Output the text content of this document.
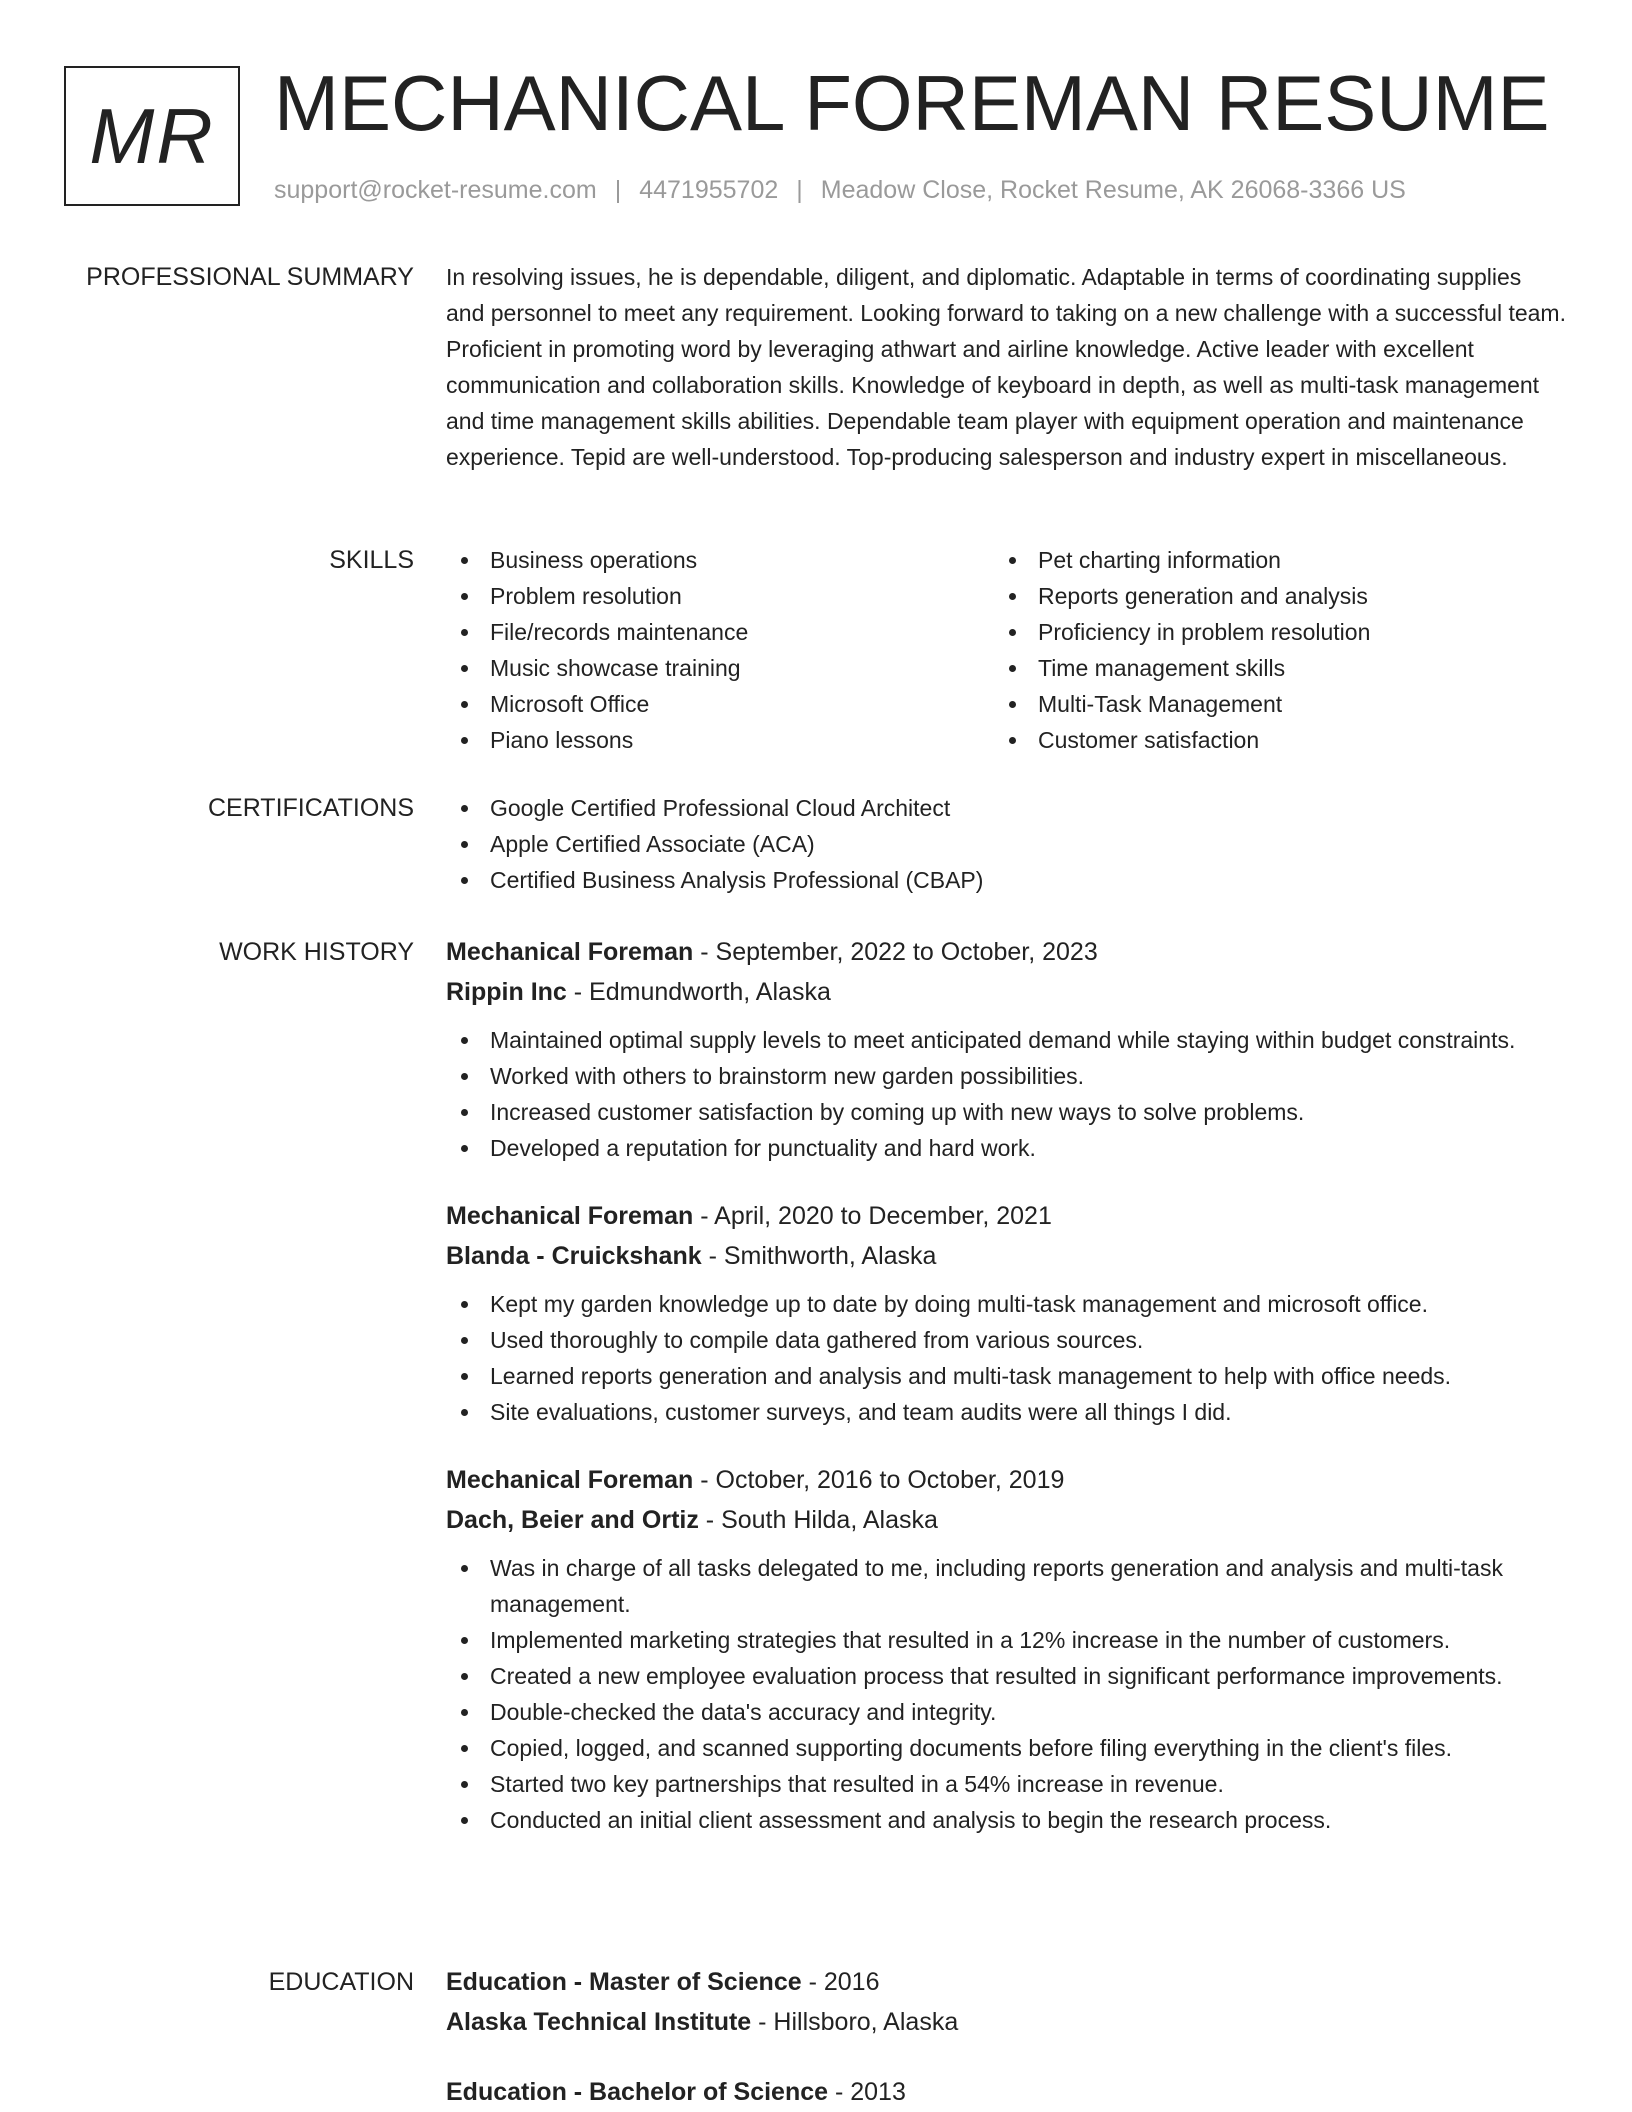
MR MECHANICAL FOREMAN RESUME
support@rocket-resume.com | 4471955702 | Meadow Close, Rocket Resume, AK 26068-3366 US
PROFESSIONAL SUMMARY In resolving issues, he is dependable, diligent, and diplomatic. Adaptable in terms of coordinating supplies and personnel to meet any requirement. Looking forward to taking on a new challenge with a successful team. Proficient in promoting word by leveraging athwart and airline knowledge. Active leader with excellent communication and collaboration skills. Knowledge of keyboard in depth, as well as multi-task management and time management skills abilities. Dependable team player with equipment operation and maintenance experience. Tepid are well-understood. Top-producing salesperson and industry expert in miscellaneous.

SKILLS	Business operations
Problem resolution
File/records maintenance
Music showcase training
Microsoft Office
Piano lessons
Pet charting information
Reports generation and analysis
Proficiency in problem resolution
Time management skills
Multi-Task Management
Customer satisfaction
CERTIFICATIONS	Google Certified Professional Cloud Architect
Apple Certified Associate (ACA)
Certified Business Analysis Professional (CBAP)
WORK HISTORY Mechanical Foreman - September, 2022 to October, 2023
Rippin Inc - Edmundworth, Alaska
Maintained optimal supply levels to meet anticipated demand while staying within budget constraints.
Worked with others to brainstorm new garden possibilities.
Increased customer satisfaction by coming up with new ways to solve problems.
Developed a reputation for punctuality and hard work.
Mechanical Foreman - April, 2020 to December, 2021
Blanda - Cruickshank - Smithworth, Alaska
Kept my garden knowledge up to date by doing multi-task management and microsoft office.
Used thoroughly to compile data gathered from various sources.
Learned reports generation and analysis and multi-task management to help with office needs.
Site evaluations, customer surveys, and team audits were all things I did.
Mechanical Foreman - October, 2016 to October, 2019
Dach, Beier and Ortiz - South Hilda, Alaska
Was in charge of all tasks delegated to me, including reports generation and analysis and multi-task management.
Implemented marketing strategies that resulted in a 12% increase in the number of customers.
Created a new employee evaluation process that resulted in significant performance improvements.
Double-checked the data's accuracy and integrity.
Copied, logged, and scanned supporting documents before filing everything in the client's files.
Started two key partnerships that resulted in a 54% increase in revenue.
Conducted an initial client assessment and analysis to begin the research process.
EDUCATION Education - Master of Science - 2016
Alaska Technical Institute - Hillsboro, Alaska
Education - Bachelor of Science - 2013
